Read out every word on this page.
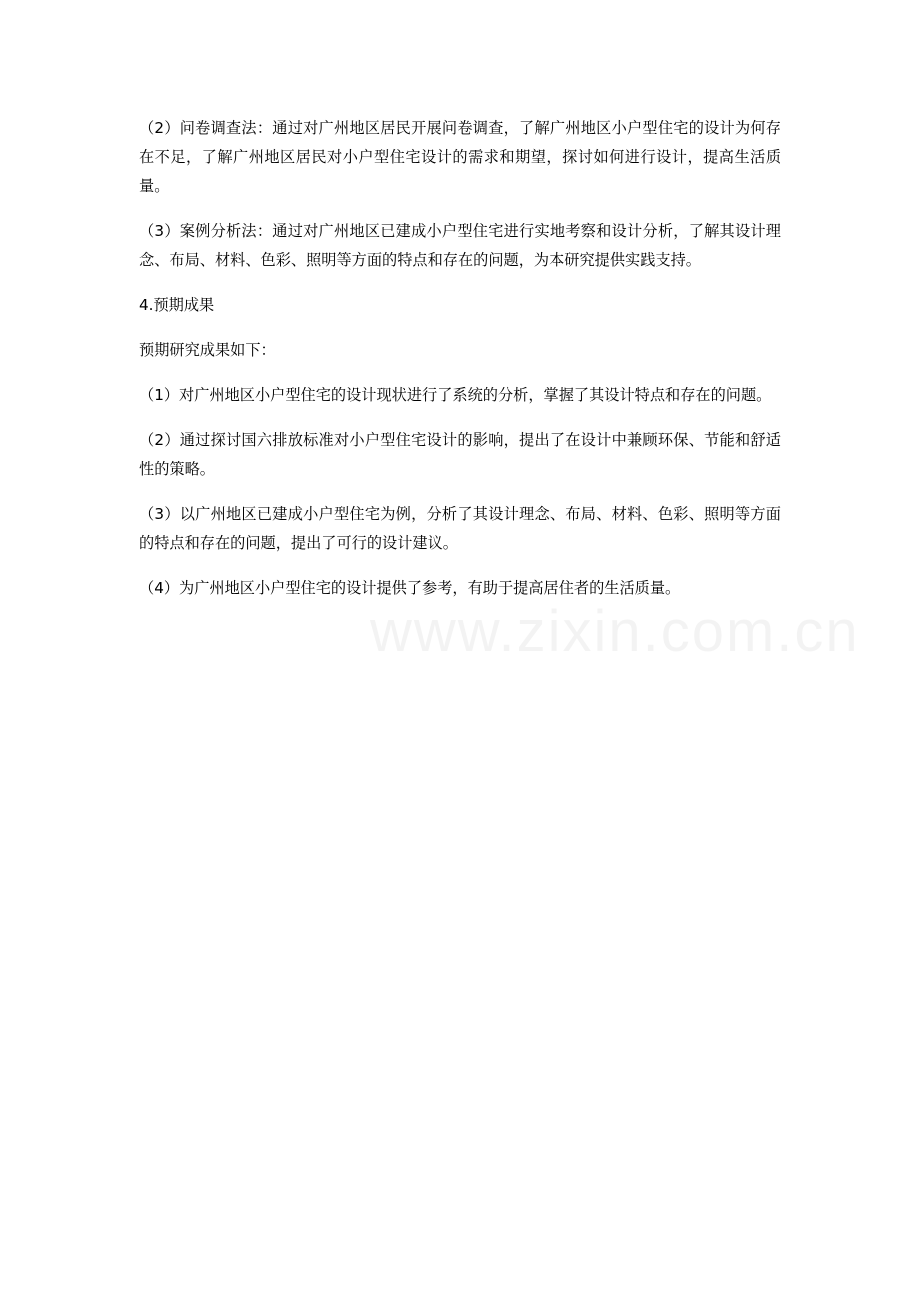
（2）问卷调查法：通过对广州地区居民开展问卷调查，了解广州地区小户型住宅的设计为何存在不足，了解广州地区居民对小户型住宅设计的需求和期望，探讨如何进行设计，提高生活质量。

（3）案例分析法：通过对广州地区已建成小户型住宅进行实地考察和设计分析，了解其设计理念、布局、材料、色彩、照明等方面的特点和存在的问题，为本研究提供实践支持。

4.预期成果

预期研究成果如下：

（1）对广州地区小户型住宅的设计现状进行了系统的分析，掌握了其设计特点和存在的问题。

（2）通过探讨国六排放标准对小户型住宅设计的影响，提出了在设计中兼顾环保、节能和舒适性的策略。

（3）以广州地区已建成小户型住宅为例，分析了其设计理念、布局、材料、色彩、照明等方面的特点和存在的问题，提出了可行的设计建议。

（4）为广州地区小户型住宅的设计提供了参考，有助于提高居住者的生活质量。
